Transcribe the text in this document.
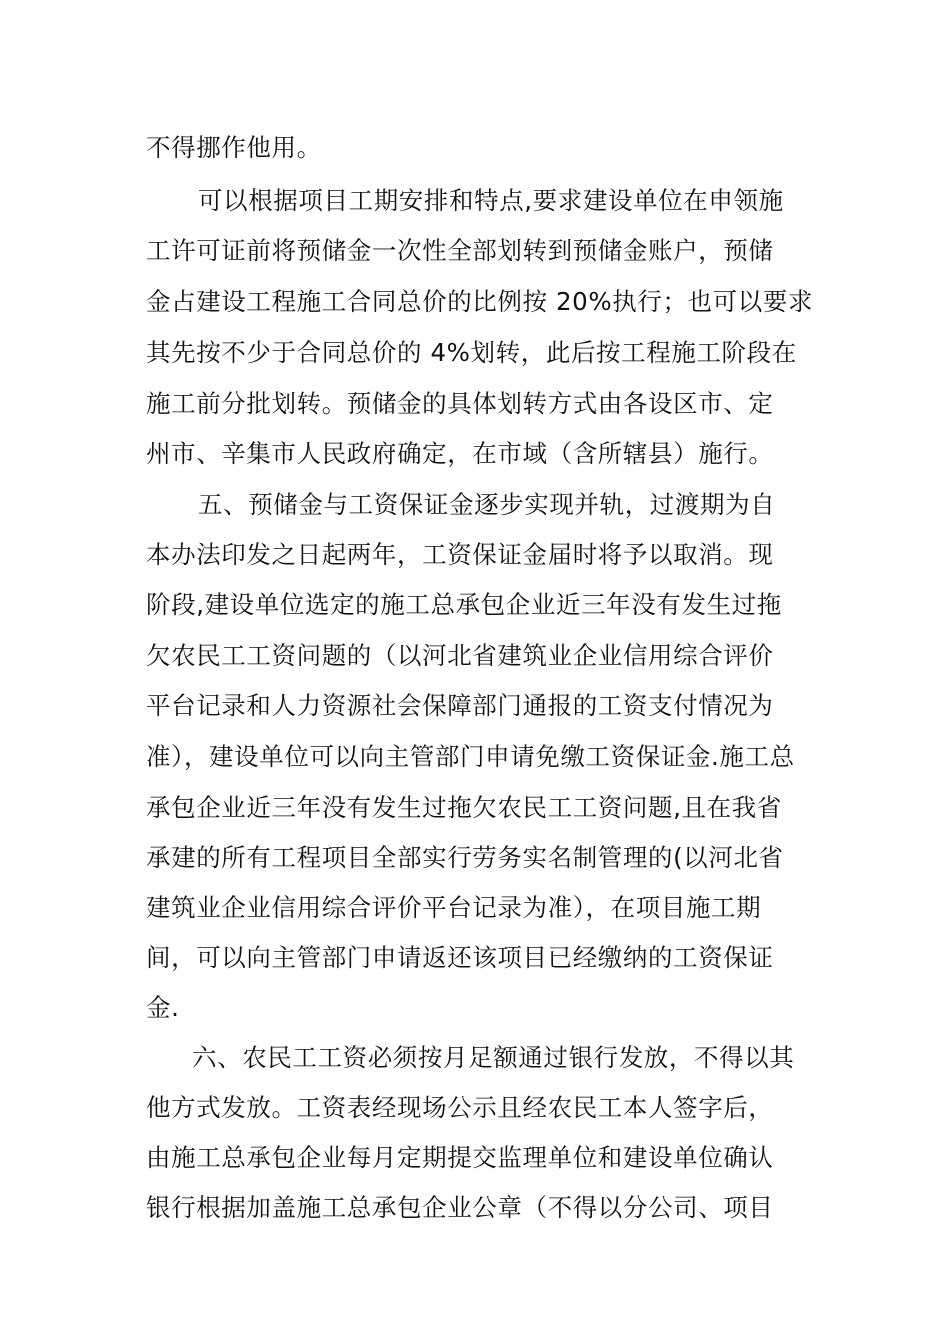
不得挪作他用。
可以根据项目工期安排和特点,要求建设单位在申领施
工许可证前将预储金一次性全部划转到预储金账户，预储
金占建设工程施工合同总价的比例按 20%执行；也可以要求
其先按不少于合同总价的 4%划转，此后按工程施工阶段在
施工前分批划转。预储金的具体划转方式由各设区市、定
州市、辛集市人民政府确定，在市域（含所辖县）施行。
五、预储金与工资保证金逐步实现并轨，过渡期为自
本办法印发之日起两年，工资保证金届时将予以取消。现
阶段,建设单位选定的施工总承包企业近三年没有发生过拖
欠农民工工资问题的（以河北省建筑业企业信用综合评价
平台记录和人力资源社会保障部门通报的工资支付情况为
准），建设单位可以向主管部门申请免缴工资保证金.施工总
承包企业近三年没有发生过拖欠农民工工资问题,且在我省
承建的所有工程项目全部实行劳务实名制管理的(以河北省
建筑业企业信用综合评价平台记录为准），在项目施工期
间，可以向主管部门申请返还该项目已经缴纳的工资保证
金.
六、农民工工资必须按月足额通过银行发放，不得以其
他方式发放。工资表经现场公示且经农民工本人签字后，
由施工总承包企业每月定期提交监理单位和建设单位确认
银行根据加盖施工总承包企业公章（不得以分公司、项目
